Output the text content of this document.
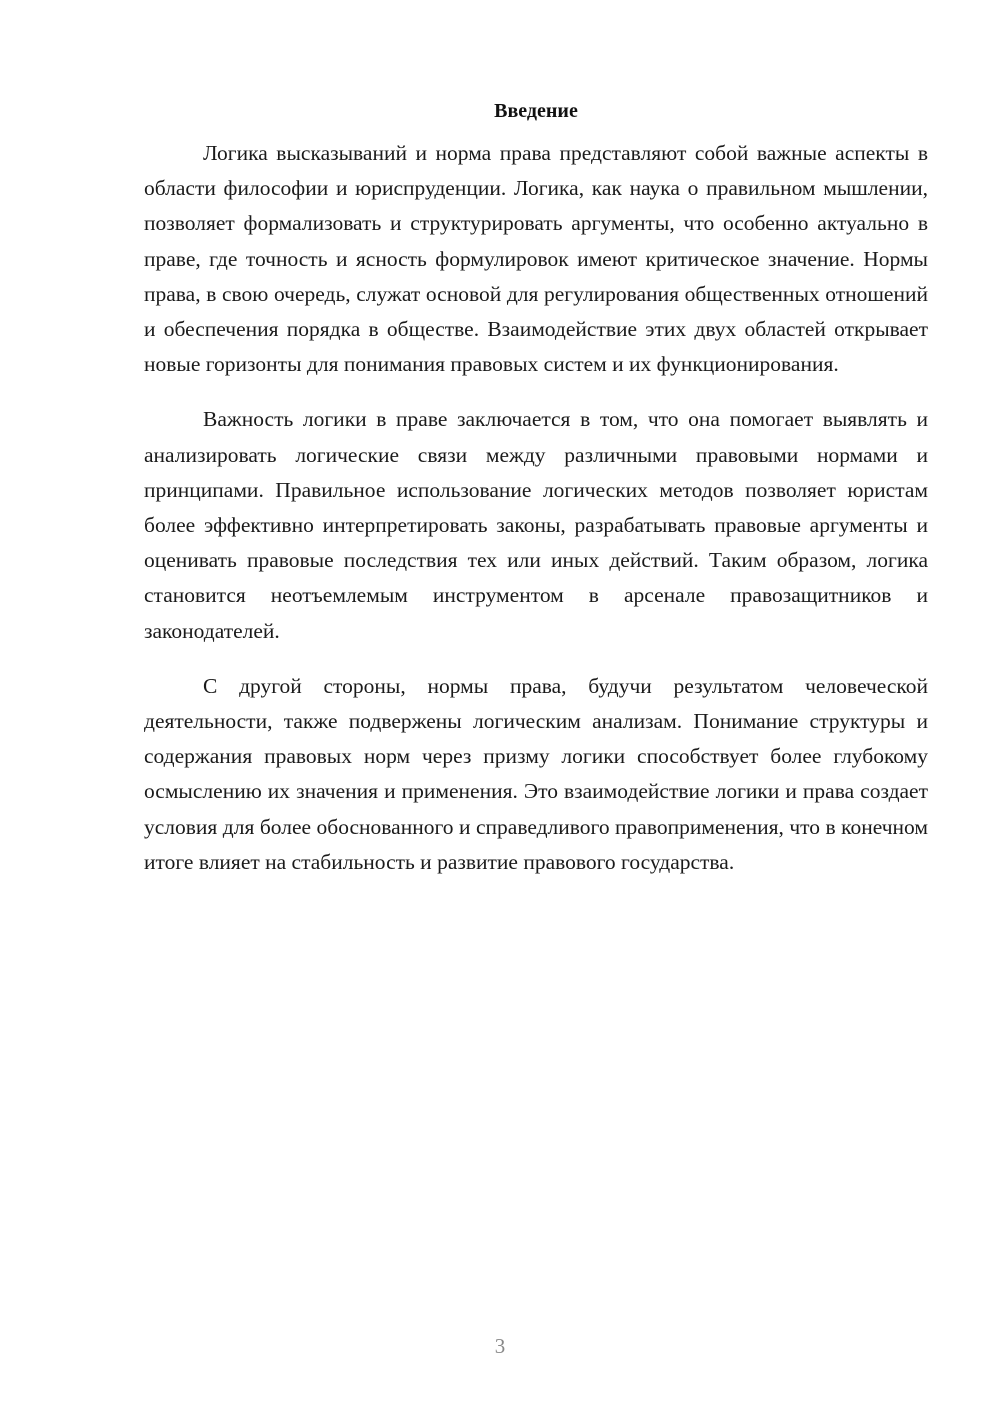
Введение

Логика высказываний и норма права представляют собой важные аспекты в области философии и юриспруденции. Логика, как наука о правильном мышлении, позволяет формализовать и структурировать аргументы, что особенно актуально в праве, где точность и ясность формулировок имеют критическое значение. Нормы права, в свою очередь, служат основой для регулирования общественных отношений и обеспечения порядка в обществе. Взаимодействие этих двух областей открывает новые горизонты для понимания правовых систем и их функционирования.

Важность логики в праве заключается в том, что она помогает выявлять и анализировать логические связи между различными правовыми нормами и принципами. Правильное использование логических методов позволяет юристам более эффективно интерпретировать законы, разрабатывать правовые аргументы и оценивать правовые последствия тех или иных действий. Таким образом, логика становится неотъемлемым инструментом в арсенале правозащитников и законодателей.

С другой стороны, нормы права, будучи результатом человеческой деятельности, также подвержены логическим анализам. Понимание структуры и содержания правовых норм через призму логики способствует более глубокому осмыслению их значения и применения. Это взаимодействие логики и права создает условия для более обоснованного и справедливого правоприменения, что в конечном итоге влияет на стабильность и развитие правового государства.

3
